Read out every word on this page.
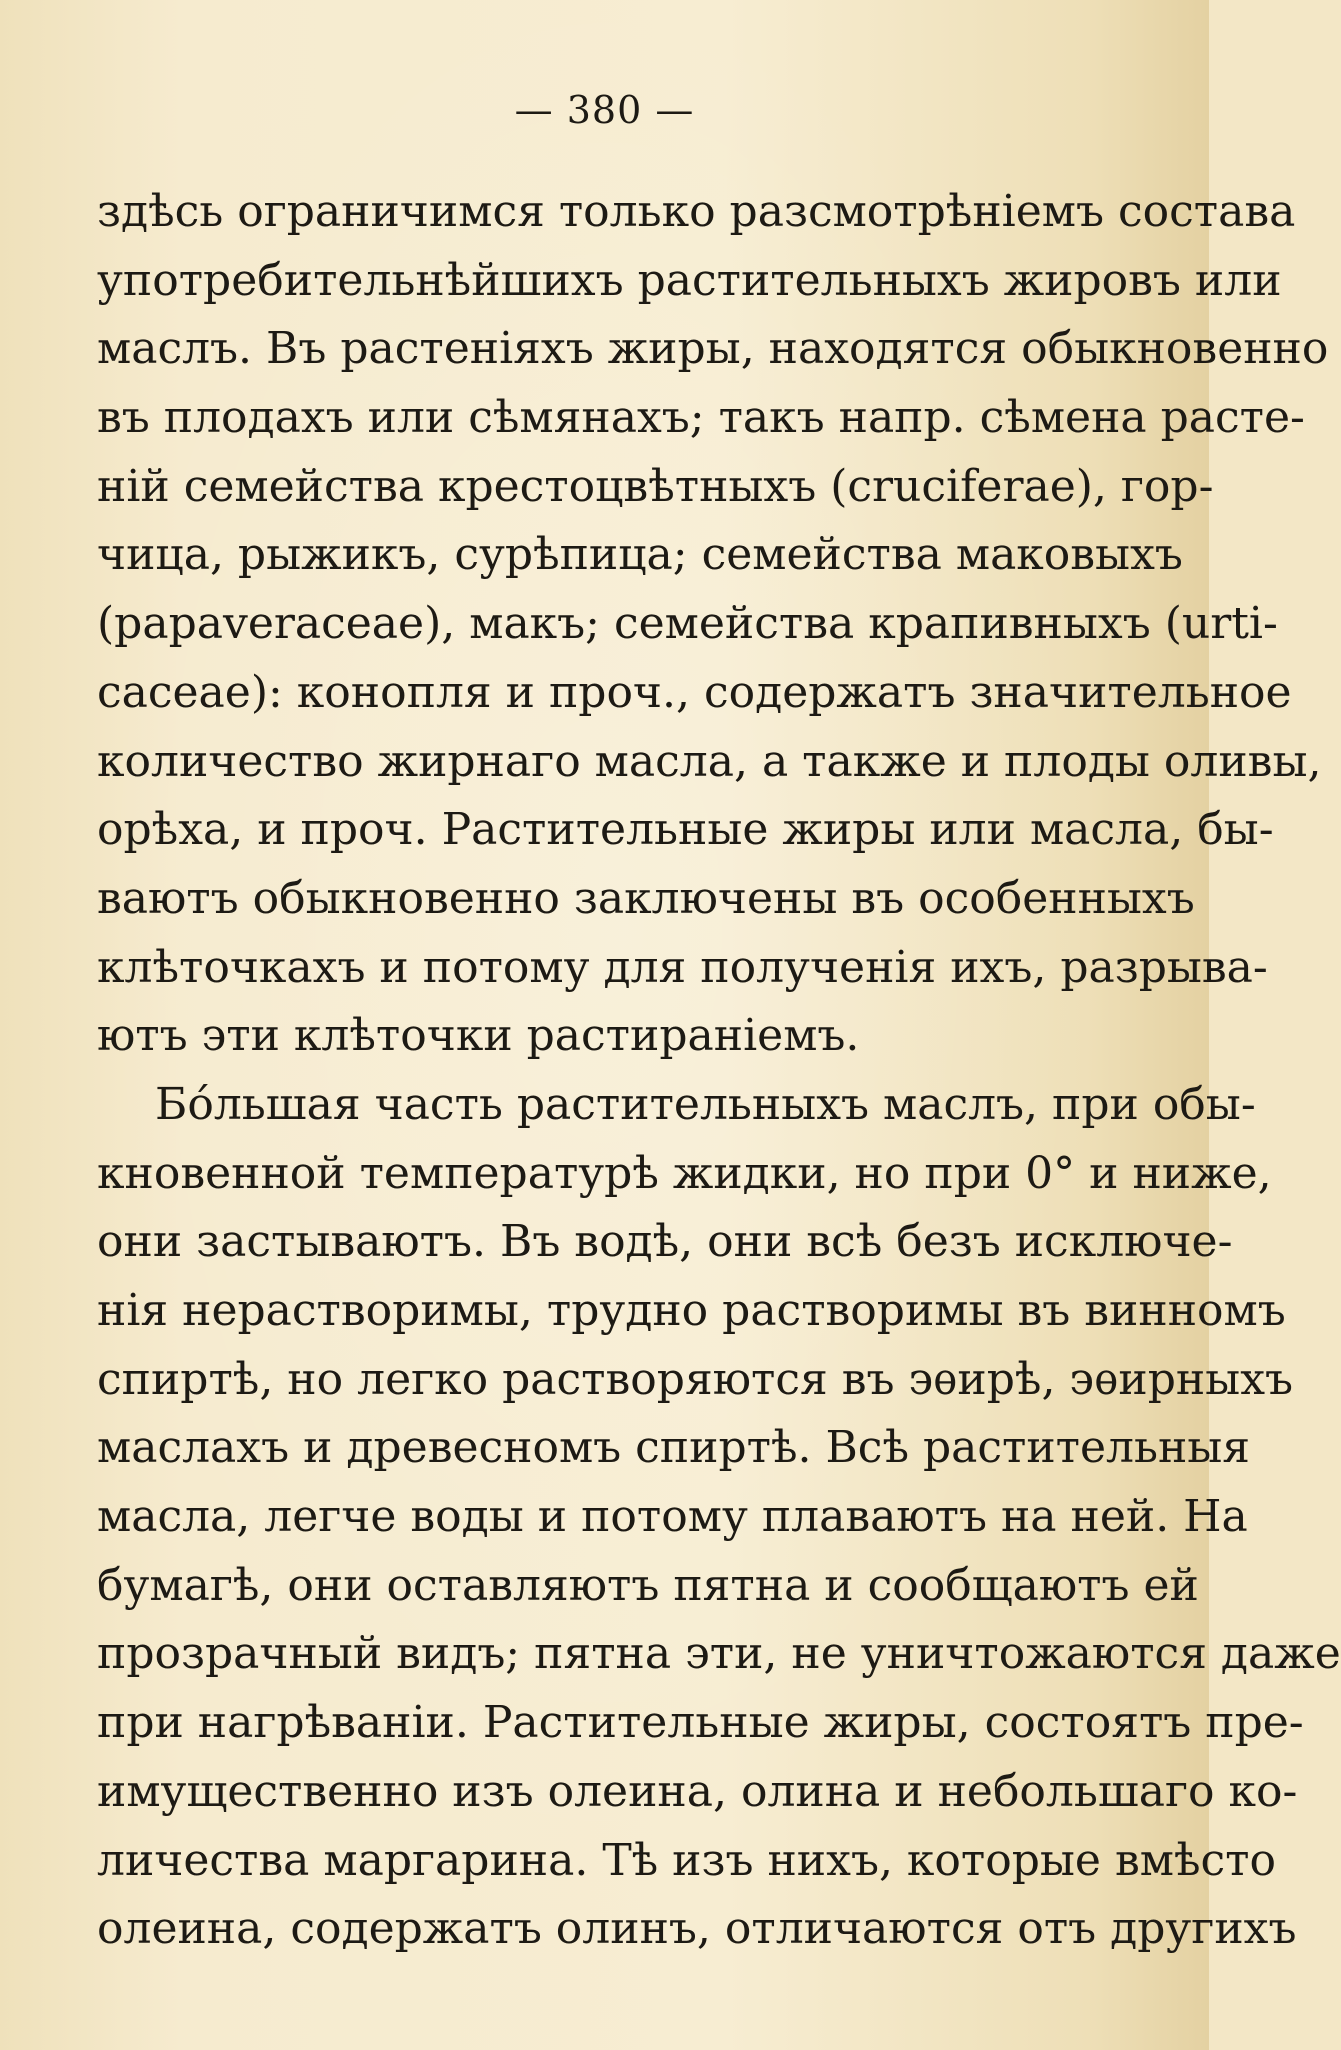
— 380 —
здѣсь ограничимся только разсмотрѣніемъ состава
употребительнѣйшихъ растительныхъ жировъ или
маслъ. Въ растеніяхъ жиры, находятся обыкновенно
въ плодахъ или сѣмянахъ; такъ напр. сѣмена расте-
ній семейства крестоцвѣтныхъ (cruciferae), гор-
чица, рыжикъ, сурѣпица; семейства маковыхъ
(papaveraceae), макъ; семейства крапивныхъ (urti-
caceae): конопля и проч., содержатъ значительное
количество жирнаго масла, а также и плоды оливы,
орѣха, и проч. Растительные жиры или масла, бы-
ваютъ обыкновенно заключены въ особенныхъ
клѣточкахъ и потому для полученія ихъ, разрыва-
ютъ эти клѣточки растираніемъ.
Бо́льшая часть растительныхъ маслъ, при обы-
кновенной температурѣ жидки, но при 0° и ниже,
они застываютъ. Въ водѣ, они всѣ безъ исключе-
нія нерастворимы, трудно растворимы въ винномъ
спиртѣ, но легко растворяются въ эѳирѣ, эѳирныхъ
маслахъ и древесномъ спиртѣ. Всѣ растительныя
масла, легче воды и потому плаваютъ на ней. На
бумагѣ, они оставляютъ пятна и сообщаютъ ей
прозрачный видъ; пятна эти, не уничтожаются даже
при нагрѣваніи. Растительные жиры, состоятъ пре-
имущественно изъ олеина, олина и небольшаго ко-
личества маргарина. Тѣ изъ нихъ, которые вмѣсто
олеина, содержатъ олинъ, отличаются отъ другихъ
